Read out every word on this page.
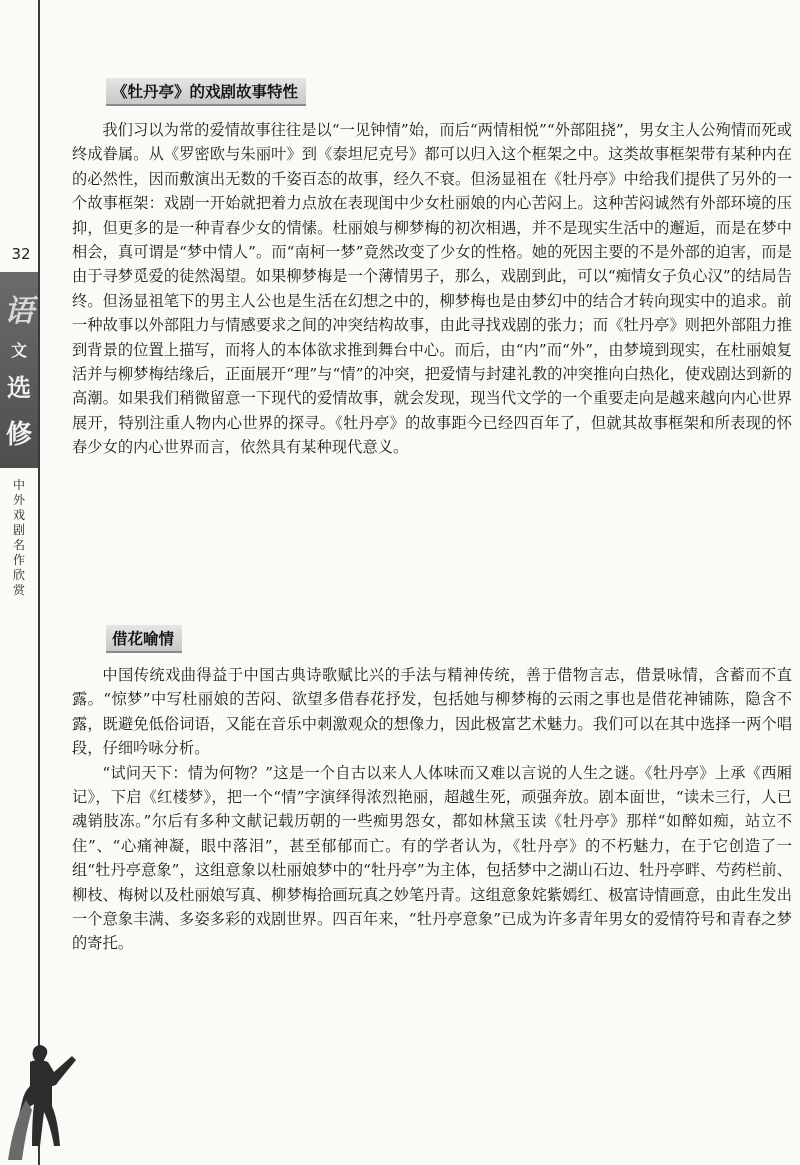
32
语
文
选
修
中外戏剧名作欣赏
《牡丹亭》的戏剧故事特性

我们习以为常的爱情故事往往是以“一见钟情”始，而后“两情相悦”“外部阻挠”，男女主人公殉情而死或终成眷属。从《罗密欧与朱丽叶》到《泰坦尼克号》都可以归入这个框架之中。这类故事框架带有某种内在的必然性，因而敷演出无数的千姿百态的故事，经久不衰。但汤显祖在《牡丹亭》中给我们提供了另外的一个故事框架：戏剧一开始就把着力点放在表现闺中少女杜丽娘的内心苦闷上。这种苦闷诚然有外部环境的压抑，但更多的是一种青春少女的情愫。杜丽娘与柳梦梅的初次相遇，并不是现实生活中的邂逅，而是在梦中相会，真可谓是“梦中情人”。而“南柯一梦”竟然改变了少女的性格。她的死因主要的不是外部的迫害，而是由于寻梦觅爱的徒然渴望。如果柳梦梅是一个薄情男子，那么，戏剧到此，可以“痴情女子负心汉”的结局告终。但汤显祖笔下的男主人公也是生活在幻想之中的，柳梦梅也是由梦幻中的结合才转向现实中的追求。前一种故事以外部阻力与情感要求之间的冲突结构故事，由此寻找戏剧的张力；而《牡丹亭》则把外部阻力推到背景的位置上描写，而将人的本体欲求推到舞台中心。而后，由“内”而“外”，由梦境到现实，在杜丽娘复活并与柳梦梅结缘后，正面展开“理”与“情”的冲突，把爱情与封建礼教的冲突推向白热化，使戏剧达到新的高潮。如果我们稍微留意一下现代的爱情故事，就会发现，现当代文学的一个重要走向是越来越向内心世界展开，特别注重人物内心世界的探寻。《牡丹亭》的故事距今已经四百年了，但就其故事框架和所表现的怀春少女的内心世界而言，依然具有某种现代意义。

借花喻情

中国传统戏曲得益于中国古典诗歌赋比兴的手法与精神传统，善于借物言志，借景咏情，含蓄而不直露。“惊梦”中写杜丽娘的苦闷、欲望多借春花抒发，包括她与柳梦梅的云雨之事也是借花神铺陈，隐含不露，既避免低俗词语，又能在音乐中刺激观众的想像力，因此极富艺术魅力。我们可以在其中选择一两个唱段，仔细吟咏分析。

“试问天下：情为何物？”这是一个自古以来人人体味而又难以言说的人生之谜。《牡丹亭》上承《西厢记》，下启《红楼梦》，把一个“情”字演绎得浓烈艳丽，超越生死，顽强奔放。剧本面世，“读未三行，人已魂销肢冻。”尔后有多种文献记载历朝的一些痴男怨女，都如林黛玉读《牡丹亭》那样“如醉如痴，站立不住”、“心痛神凝，眼中落泪”，甚至郁郁而亡。有的学者认为，《牡丹亭》的不朽魅力，在于它创造了一组“牡丹亭意象”，这组意象以杜丽娘梦中的“牡丹亭”为主体，包括梦中之湖山石边、牡丹亭畔、芍药栏前、柳枝、梅树以及杜丽娘写真、柳梦梅拾画玩真之妙笔丹青。这组意象姹紫嫣红、极富诗情画意，由此生发出一个意象丰满、多姿多彩的戏剧世界。四百年来，“牡丹亭意象”已成为许多青年男女的爱情符号和青春之梦的寄托。
